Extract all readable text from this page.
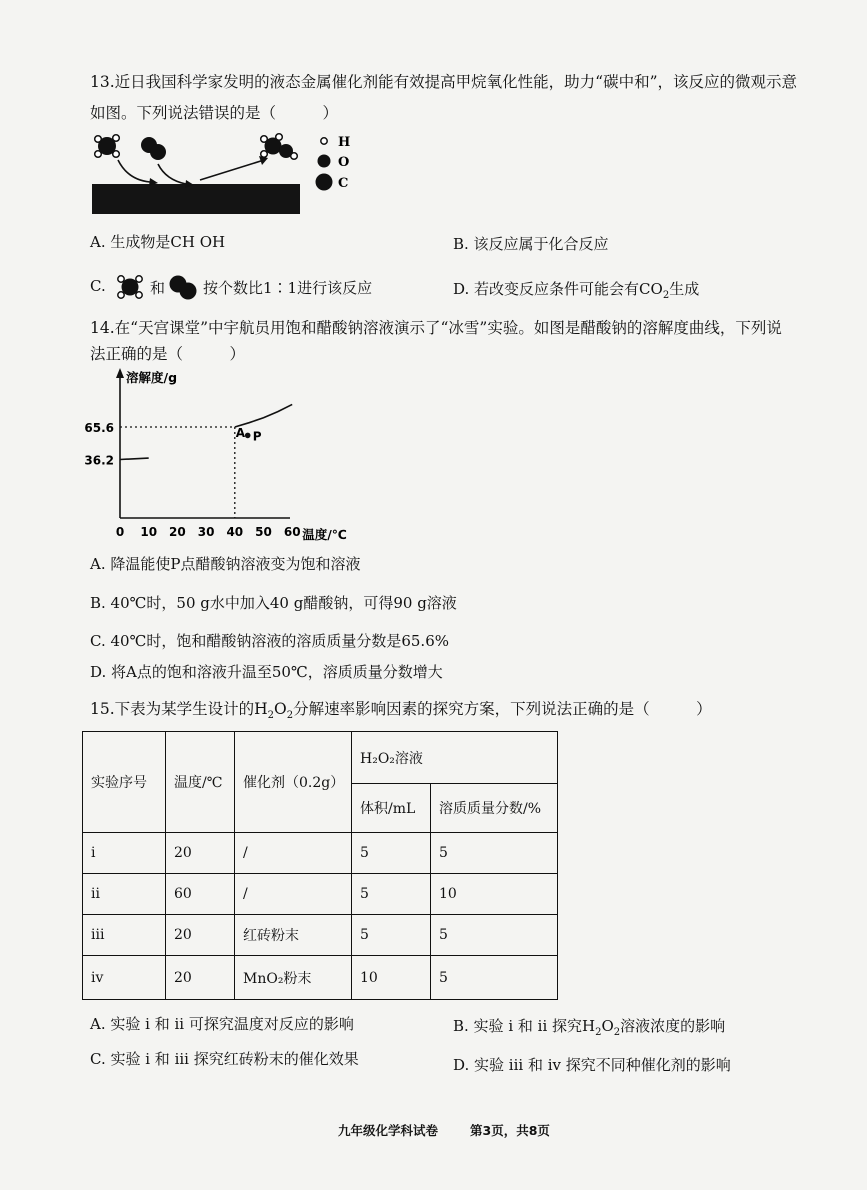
13.近日我国科学家发明的液态金属催化剂能有效提高甲烷氧化性能，助力“碳中和”，该反应的微观示意
如图。下列说法错误的是（　　　）
H
O
C
A. 生成物是CH OH	B. 该反应属于化合反应
C.	和	按个数比1∶1进行该反应	D. 若改变反应条件可能会有$CO_2$生成
14.在“天宫课堂”中宇航员用饱和醋酸钠溶液演示了“冰雪”实验。如图是醋酸钠的溶解度曲线，下列说
法正确的是（　　　）
溶解度/g
0 10 20 30 40 50 60 温度/℃
36.2
65.6	A P
A. 降温能使P点醋酸钠溶液变为饱和溶液
B. 40℃时，50 g水中加入40 g醋酸钠，可得90 g溶液
C. 40℃时，饱和醋酸钠溶液的溶质质量分数是65.6%
D. 将A点的饱和溶液升温至50℃，溶质质量分数增大
15.下表为某学生设计的$H_2O_2$分解速率影响因素的探究方案，下列说法正确的是（　　　）
实验序号	温度/℃	催化剂（0.2g）	H₂O₂溶液	
			体积/mL	溶质质量分数/%
i	20	/	5	5
ii	60	/	5	10
iii	20	红砖粉末	5	5
iv	20	MnO₂粉末	10	5
A. 实验 i 和 ii 可探究温度对反应的影响	B. 实验 i 和 ii 探究$H_2O_2$溶液浓度的影响
C. 实验 i 和 iii 探究红砖粉末的催化效果	D. 实验 iii 和 iv 探究不同种催化剂的影响
九年级化学科试卷	第3页，共8页
